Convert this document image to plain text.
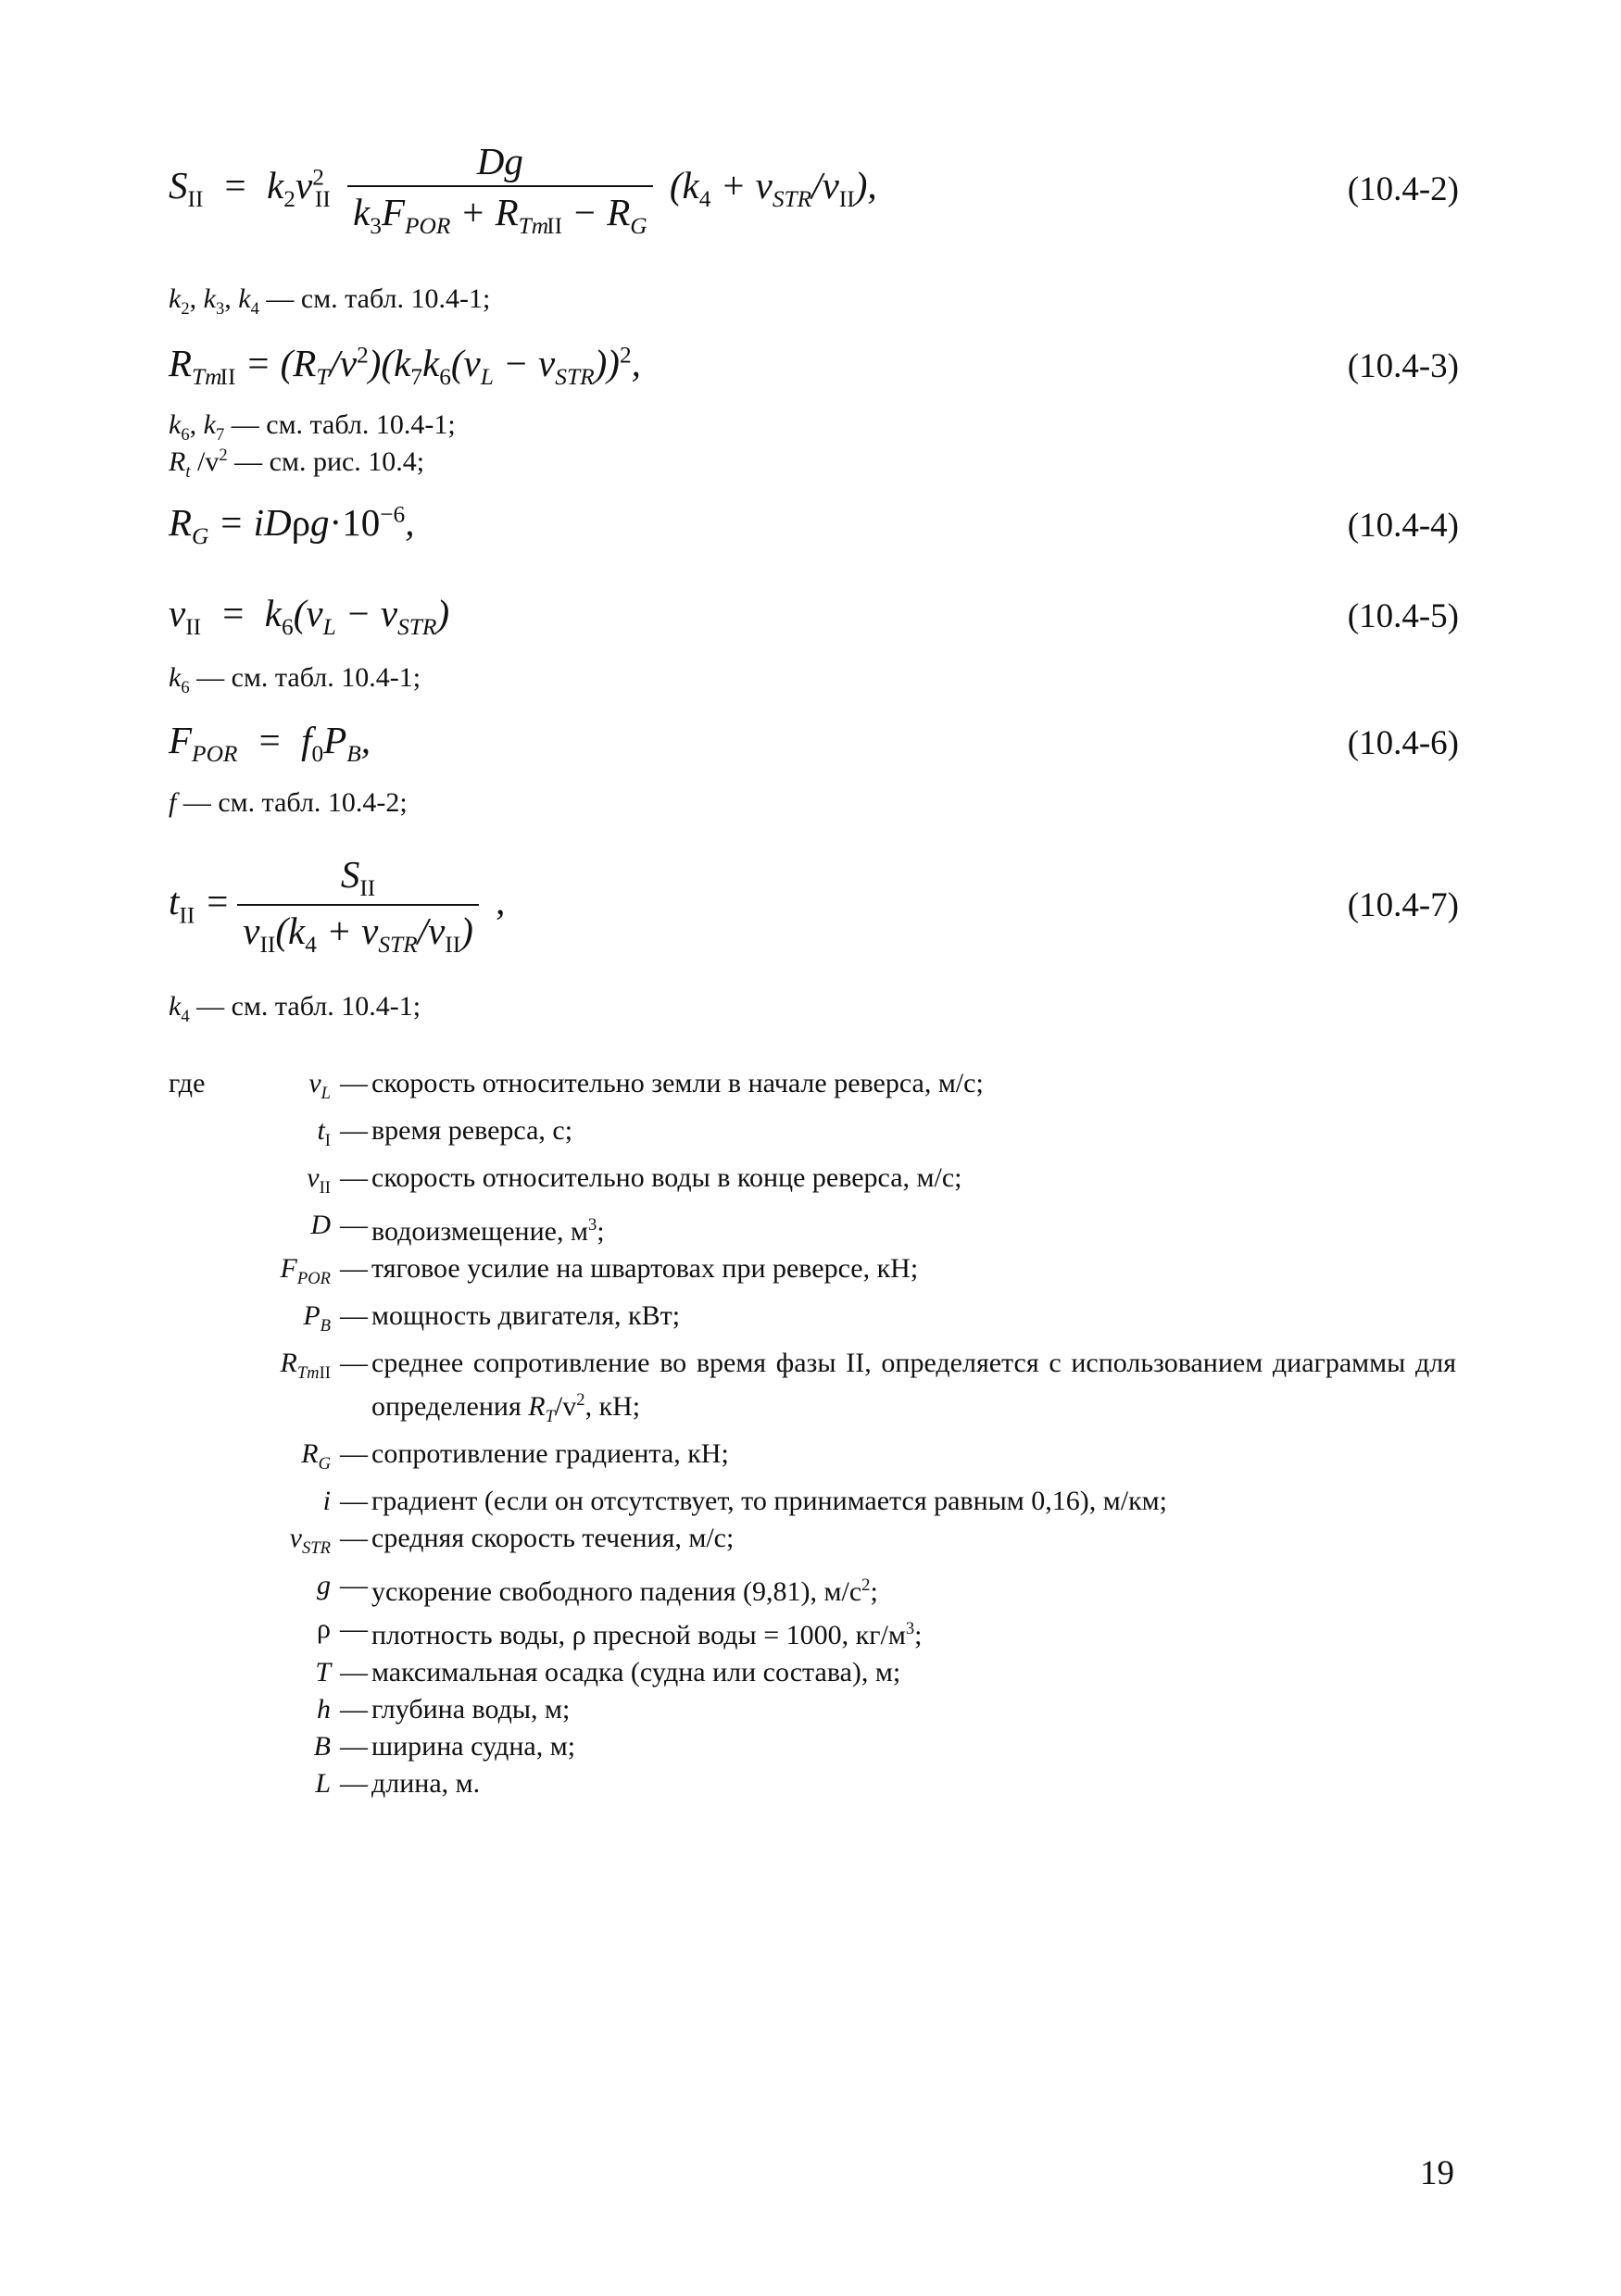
$S_{II} = k_2v^2_{II} \frac{Dg}{k_3F_{POR} + R_{TmII} - R_G} (k_4 + v_{STR}/v_{II})$,	(10.4-2)
$k_2$, $k_3$, $k_4$ — см. табл. 10.4-1;
$R_{TmII} = (R_T/v^2)(k_7k_6(v_L - v_{STR}))^2$,	(10.4-3)
$k_6$, $k_7$ — см. табл. 10.4-1;
$R_t$ $/v^2$ — см. рис. 10.4;
$R_G = iD\rho g\cdot 10^{-6}$,	(10.4-4)
$v_{II} = k_6(v_L - v_{STR})$	(10.4-5)
$k_6$ — см. табл. 10.4-1;
$F_{POR} = f_0P_B$,	(10.4-6)
f — см. табл. 10.4-2;
$t_{II} = \frac{S_{II}}{v_{II}(k_4 + v_{STR}/v_{II})}$ ,	(10.4-7)
$k_4$ — см. табл. 10.4-1;
где	$v_L$ — скорость относительно земли в начале реверса, м/с;
$t_I$ — время реверса, с;
$v_{II}$ — скорость относительно воды в конце реверса, м/с;
D — водоизмещение, $м^3$;
$F_{POR}$ — тяговое усилие на швартовах при реверсе, кН;
$P_B$ — мощность двигателя, кВт;
$R_{TmII}$ — среднее сопротивление во время фазы II, определяется с использованием диаграммы для определения $R_T/v^2$, кН;
$R_G$ — сопротивление градиента, кН;
i — градиент (если он отсутствует, то принимается равным 0,16), м/км;
$v_{STR}$ — средняя скорость течения, м/с;
g — ускорение свободного падения (9,81), $м/с^2$;
ρ — плотность воды, ρ пресной воды = 1000, $кг/м^3$;
T — максимальная осадка (судна или состава), м;
h — глубина воды, м;
B — ширина судна, м;
L — длина, м.
19
